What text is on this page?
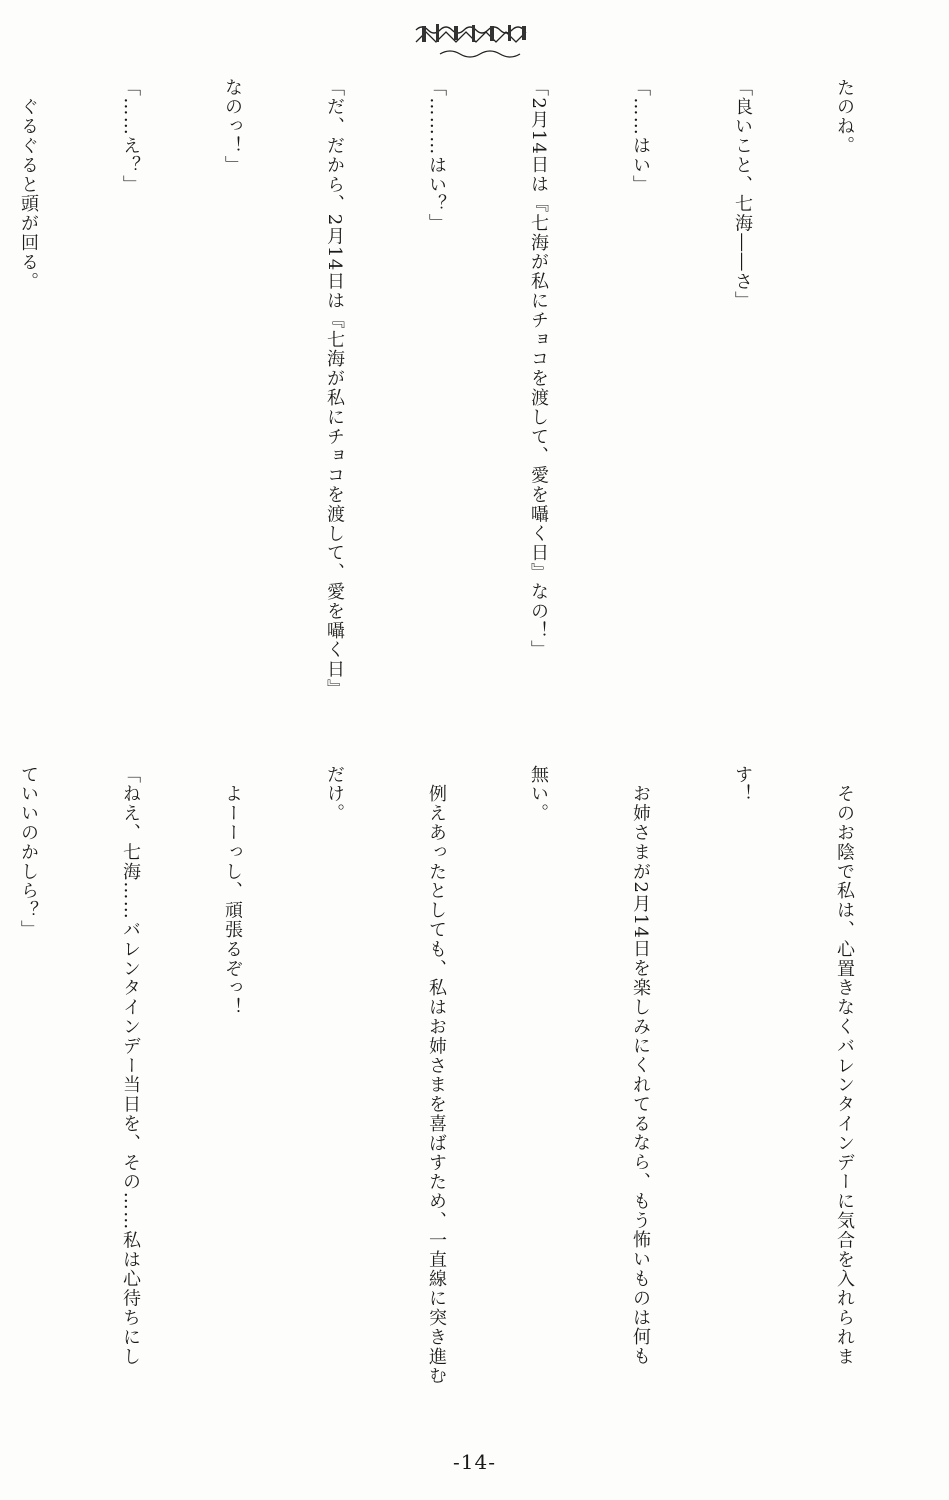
たのね。

「良いこと、七海――さ」

「……はい」

「2月14日は『七海が私にチョコを渡して、愛を囁く日』なの！」

「………はい？」

「だ、だから、2月14日は『七海が私にチョコを渡して、愛を囁く日』

なのっ！」

「……え？」

　ぐるぐると頭が回る。

　そのお陰で私は、心置きなくバレンタインデーに気合を入れられま

す！

　お姉さまが2月14日を楽しみにくれてるなら、もう怖いものは何も

無い。

　例えあったとしても、私はお姉さまを喜ばすため、一直線に突き進む

だけ。

　よーーっし、頑張るぞっ！

「ねえ、七海……バレンタインデー当日を、その……私は心待ちにし

ていいのかしら？」

-14-
